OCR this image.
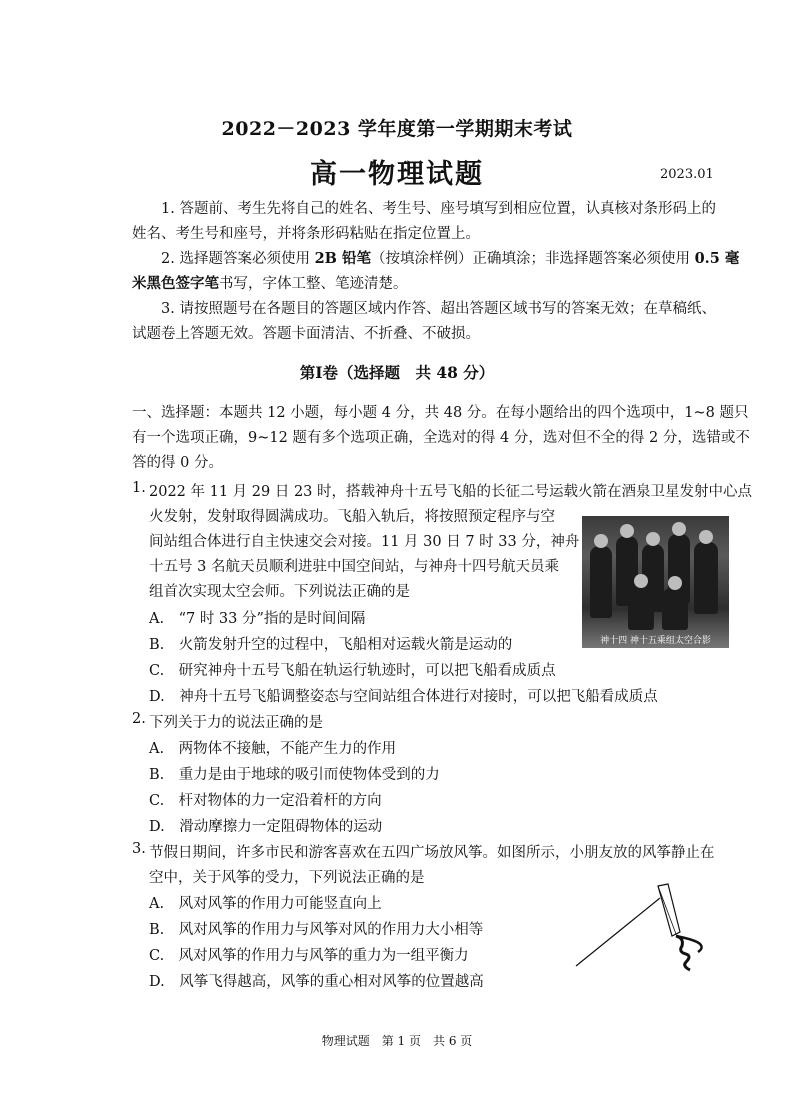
2022－2023 学年度第一学期期末考试
高一物理试题	2023.01
1. 答题前、考生先将自己的姓名、考生号、座号填写到相应位置，认真核对条形码上的
姓名、考生号和座号，并将条形码粘贴在指定位置上。
2. 选择题答案必须使用 2B 铅笔（按填涂样例）正确填涂；非选择题答案必须使用 0.5 毫
米黑色签字笔书写，字体工整、笔迹清楚。
3. 请按照题号在各题目的答题区域内作答、超出答题区域书写的答案无效；在草稿纸、
试题卷上答题无效。答题卡面清洁、不折叠、不破损。
第Ⅰ卷（选择题　共 48 分）
一、选择题：本题共 12 小题，每小题 4 分，共 48 分。在每小题给出的四个选项中，1~8 题只
有一个选项正确，9~12 题有多个选项正确，全选对的得 4 分，选对但不全的得 2 分，选错或不
答的得 0 分。
1. 2022 年 11 月 29 日 23 时，搭载神舟十五号飞船的长征二号运载火箭在酒泉卫星发射中心点
火发射，发射取得圆满成功。飞船入轨后，将按照预定程序与空
间站组合体进行自主快速交会对接。11 月 30 日 7 时 33 分，神舟
十五号 3 名航天员顺利进驻中国空间站，与神舟十四号航天员乘
组首次实现太空会师。下列说法正确的是
神十四 神十五乘组太空合影
A.　“7 时 33 分”指的是时间间隔
B.　火箭发射升空的过程中，飞船相对运载火箭是运动的
C.　研究神舟十五号飞船在轨运行轨迹时，可以把飞船看成质点
D.　神舟十五号飞船调整姿态与空间站组合体进行对接时，可以把飞船看成质点
2. 下列关于力的说法正确的是
A.　两物体不接触，不能产生力的作用
B.　重力是由于地球的吸引而使物体受到的力
C.　杆对物体的力一定沿着杆的方向
D.　滑动摩擦力一定阻碍物体的运动
3. 节假日期间，许多市民和游客喜欢在五四广场放风筝。如图所示，小朋友放的风筝静止在
空中，关于风筝的受力，下列说法正确的是
A.　风对风筝的作用力可能竖直向上
B.　风对风筝的作用力与风筝对风的作用力大小相等
C.　风对风筝的作用力与风筝的重力为一组平衡力
D.　风筝飞得越高，风筝的重心相对风筝的位置越高
物理试题　第 1 页　共 6 页
